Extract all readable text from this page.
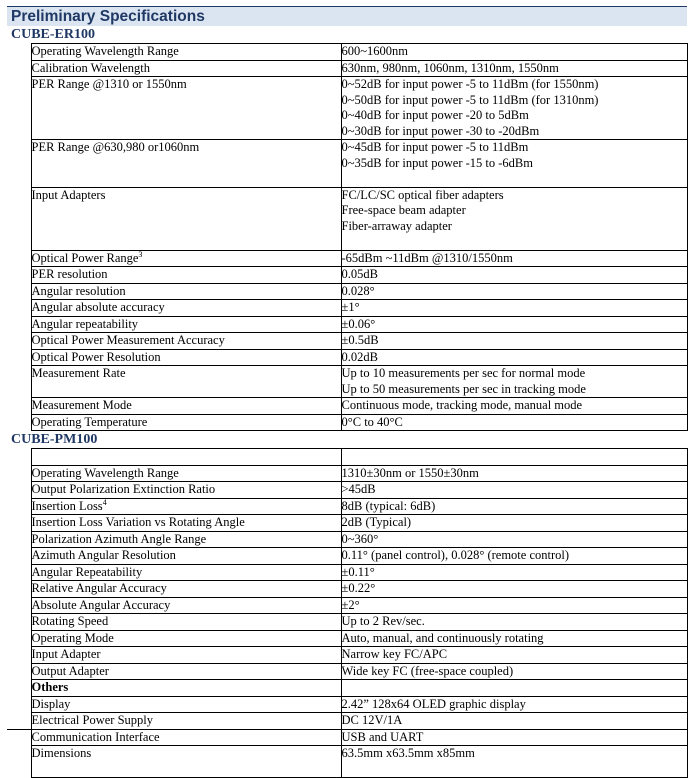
Preliminary Specifications
CUBE-ER100		
	Operating Wavelength Range	600~1600nm

	Calibration Wavelength	630nm, 980nm, 1060nm, 1310nm, 1550nm

	PER Range @1310 or 1550nm	0~52dB for input power -5 to 11dBm (for 1550nm)
0~50dB for input power -5 to 11dBm (for 1310nm)
0~40dB for input power -20 to 5dBm
0~30dB for input power -30 to -20dBm

	PER Range @630,980 or1060nm	0~45dB for input power -5 to 11dBm
0~35dB for input power -15 to -6dBm

	Input Adapters	FC/LC/SC optical fiber adapters
Free-space beam adapter
Fiber-arraway adapter

	Optical Power Range$^3$	-65dBm ~11dBm @1310/1550nm

	PER resolution	0.05dB

	Angular resolution	0.028°

	Angular absolute accuracy	±1°

	Angular repeatability	±0.06°

	Optical Power Measurement Accuracy	±0.5dB

	Optical Power Resolution	0.02dB

	Measurement Rate	Up to 10 measurements per sec for normal mode
Up to 50 measurements per sec in tracking mode

	Measurement Mode	Continuous mode, tracking mode, manual mode

	Operating Temperature	0°C to 40°C

CUBE-PM100		

	Operating Wavelength Range	1310±30nm or 1550±30nm

	Output Polarization Extinction Ratio	>45dB

	Insertion Loss$^4$	8dB (typical: 6dB)

	Insertion Loss Variation vs Rotating Angle	2dB (Typical)

	Polarization Azimuth Angle Range	0~360°

	Azimuth Angular Resolution	0.11° (panel control), 0.028° (remote control)

	Angular Repeatability	±0.11°

	Relative Angular Accuracy	±0.22°

	Absolute Angular Accuracy	±2°

	Rotating Speed	Up to 2 Rev/sec.

	Operating Mode	Auto, manual, and continuously rotating

	Input Adapter	Narrow key FC/APC

	Output Adapter	Wide key FC (free-space coupled)

	Others	
	Display	2.42” 128x64 OLED graphic display

	Electrical Power Supply	DC 12V/1A

	Communication Interface	USB and UART

	Dimensions	63.5mm x63.5mm x85mm
